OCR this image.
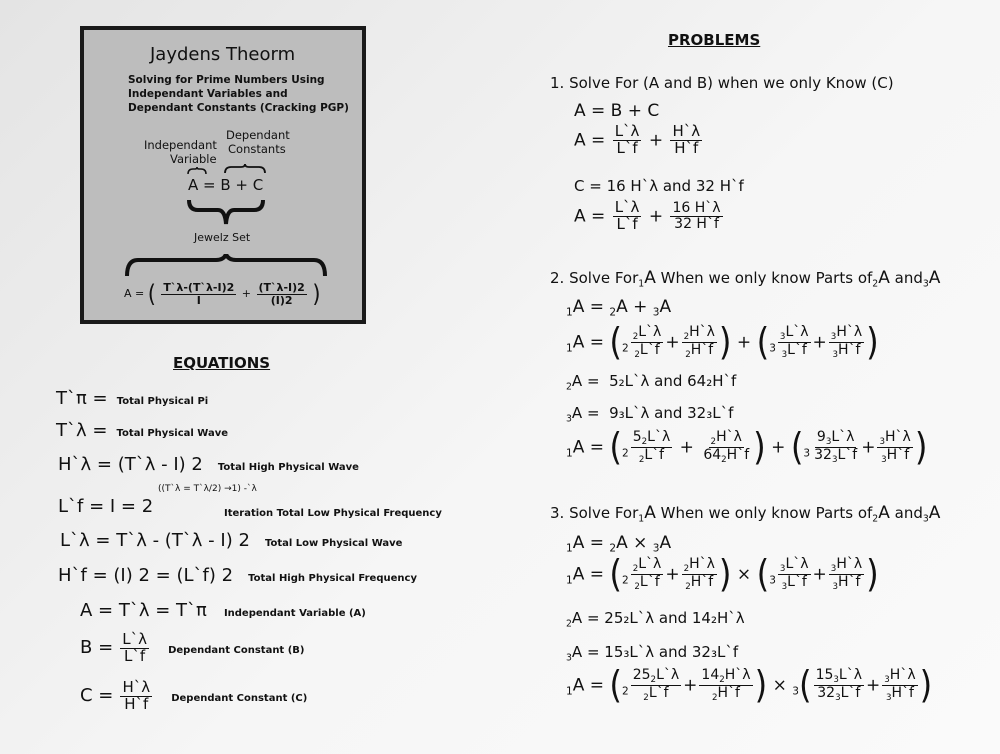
Jaydens Theorm
Solving for Prime Numbers Using
Independant Variables and
Dependant Constants (Cracking PGP)
Independant
Variable
Dependant
Constants
A = B + C
Jewelz Set
A = ( $\frac{T`\lambda-(T`\lambda-I)2}{I} + \frac{(T`\lambda-I)2}{(I)2}$ )
EQUATIONS
T`π = Total Physical Pi
T`λ = Total Physical Wave
H`λ = (T`λ - I) 2 Total High Physical Wave
L`f = I = 2
((T`λ = T`λ/2) →1) -`λ
Iteration Total Low Physical Frequency
L`λ = T`λ - (T`λ - I) 2 Total Low Physical Wave
H`f = (I) 2 = (L`f) 2 Total High Physical Frequency
A = T`λ = T`π Independant Variable (A)
$B = \frac{L`\lambda}{L`f}$ Dependant Constant (B)
$C = \frac{H`\lambda}{H`f}$ Dependant Constant (C)
PROBLEMS
1. Solve For (A and B) when we only Know (C)
A = B + C
$A = \frac{L`\lambda}{L`f} + \frac{H`\lambda}{H`f}$
C = 16 H`λ and 32 H`f
$A = \frac{L`\lambda}{L`f} + \frac{16 H`\lambda}{32 H`f}$
2. Solve For$_1$A When we only know Parts $of_2A$ and$_3$A
$_1$A = $_2$A + $_3$A
$_1A = (_2 \frac{_2L`\lambda}{_2L`f} + \frac{_2H`\lambda}{_2H`f}$ ) + ($_3 \frac{_3L`\lambda}{_3L`f} + \frac{_3H`\lambda}{_3H`f}$ )
$_2$A =  5₂L`λ and 64₂H`f
$_3$A =  9₃L`λ and 32₃L`f
$_1A = (_2 \frac{5_2L`\lambda}{_2L`f} + \frac{_2H`\lambda}{64_2H`f}$ ) + ($_3 \frac{9_3L`\lambda}{32_3L`f} + \frac{_3H`\lambda}{_3H`f}$ )
3. Solve For$_1$A When we only know Parts $of_2A$ and$_3$A
$_1$A = $_2$A × $_3$A
$_1A = (_2 \frac{_2L`\lambda}{_2L`f} + \frac{_2H`\lambda}{_2H`f}$ ) × ($_3 \frac{_3L`\lambda}{_3L`f} + \frac{_3H`\lambda}{_3H`f}$ )
$_2$A = 25₂L`λ and 14₂H`λ
$_3$A = 15₃L`λ and 32₃L`f
$_1A = (_2 \frac{25_2L`\lambda}{_2L`f} + \frac{14_2H`\lambda}{_2H`f}$ ) × $_3( \frac{15_3L`\lambda}{32_3L`f} + \frac{_3H`\lambda}{_3H`f}$ )
